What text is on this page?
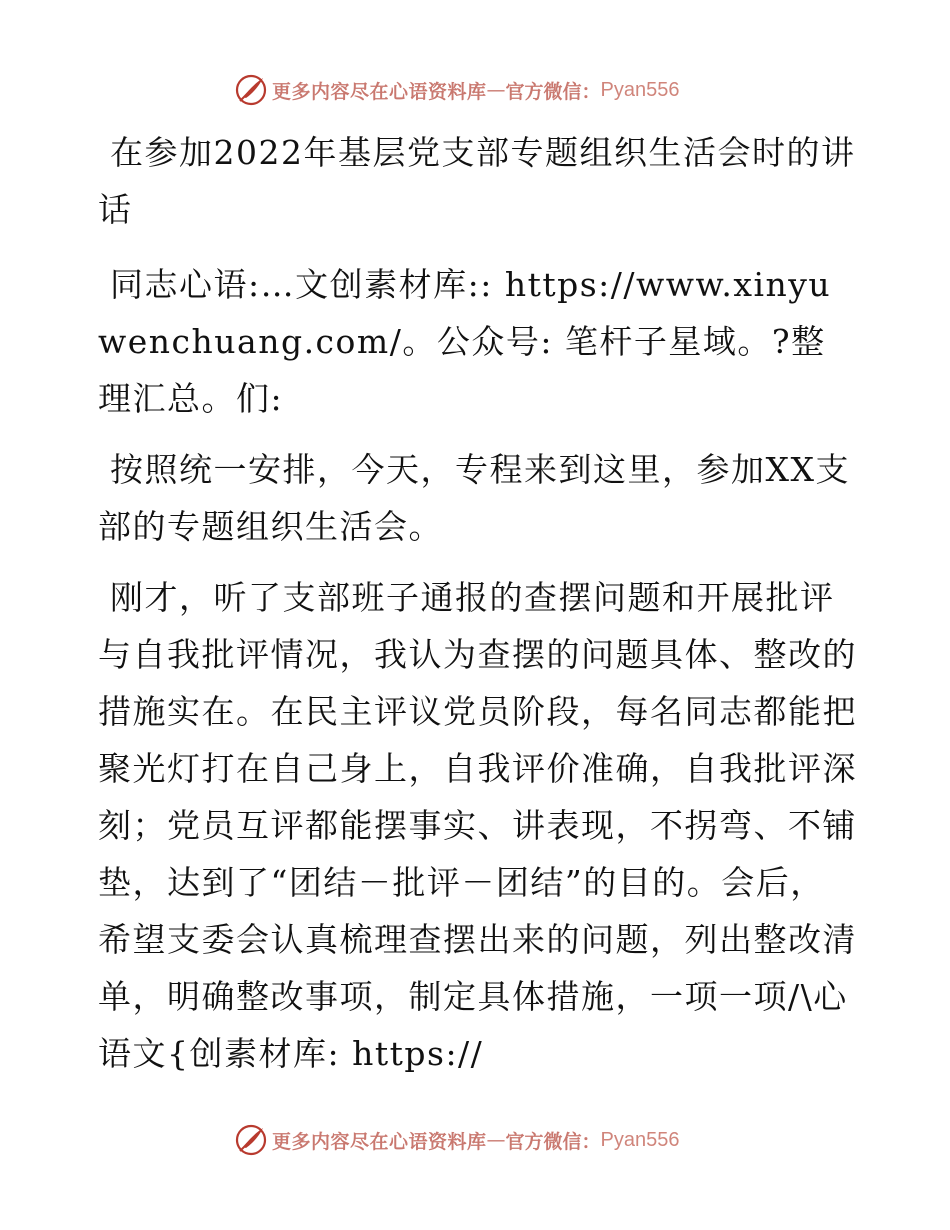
更多内容尽在心语资料库 — 官方微信： Pyan556

在参加2022年基层党支部专题组织生活会时的讲话

同志心语:…文创素材库:: https://www.xinyuwenchuang.com/。公众号: 笔杆子星域。?整理汇总。们:

按照统一安排，今天，专程来到这里，参加XX支部的专题组织生活会。

刚才，听了支部班子通报的查摆问题和开展批评与自我批评情况，我认为查摆的问题具体、整改的措施实在。在民主评议党员阶段，每名同志都能把聚光灯打在自己身上，自我评价准确，自我批评深刻；党员互评都能摆事实、讲表现，不拐弯、不铺垫，达到了“团结－批评－团结”的目的。会后，希望支委会认真梳理查摆出来的问题，列出整改清单，明确整改事项，制定具体措施，一项一项/\心语文{创素材库: https://

更多内容尽在心语资料库 — 官方微信： Pyan556
